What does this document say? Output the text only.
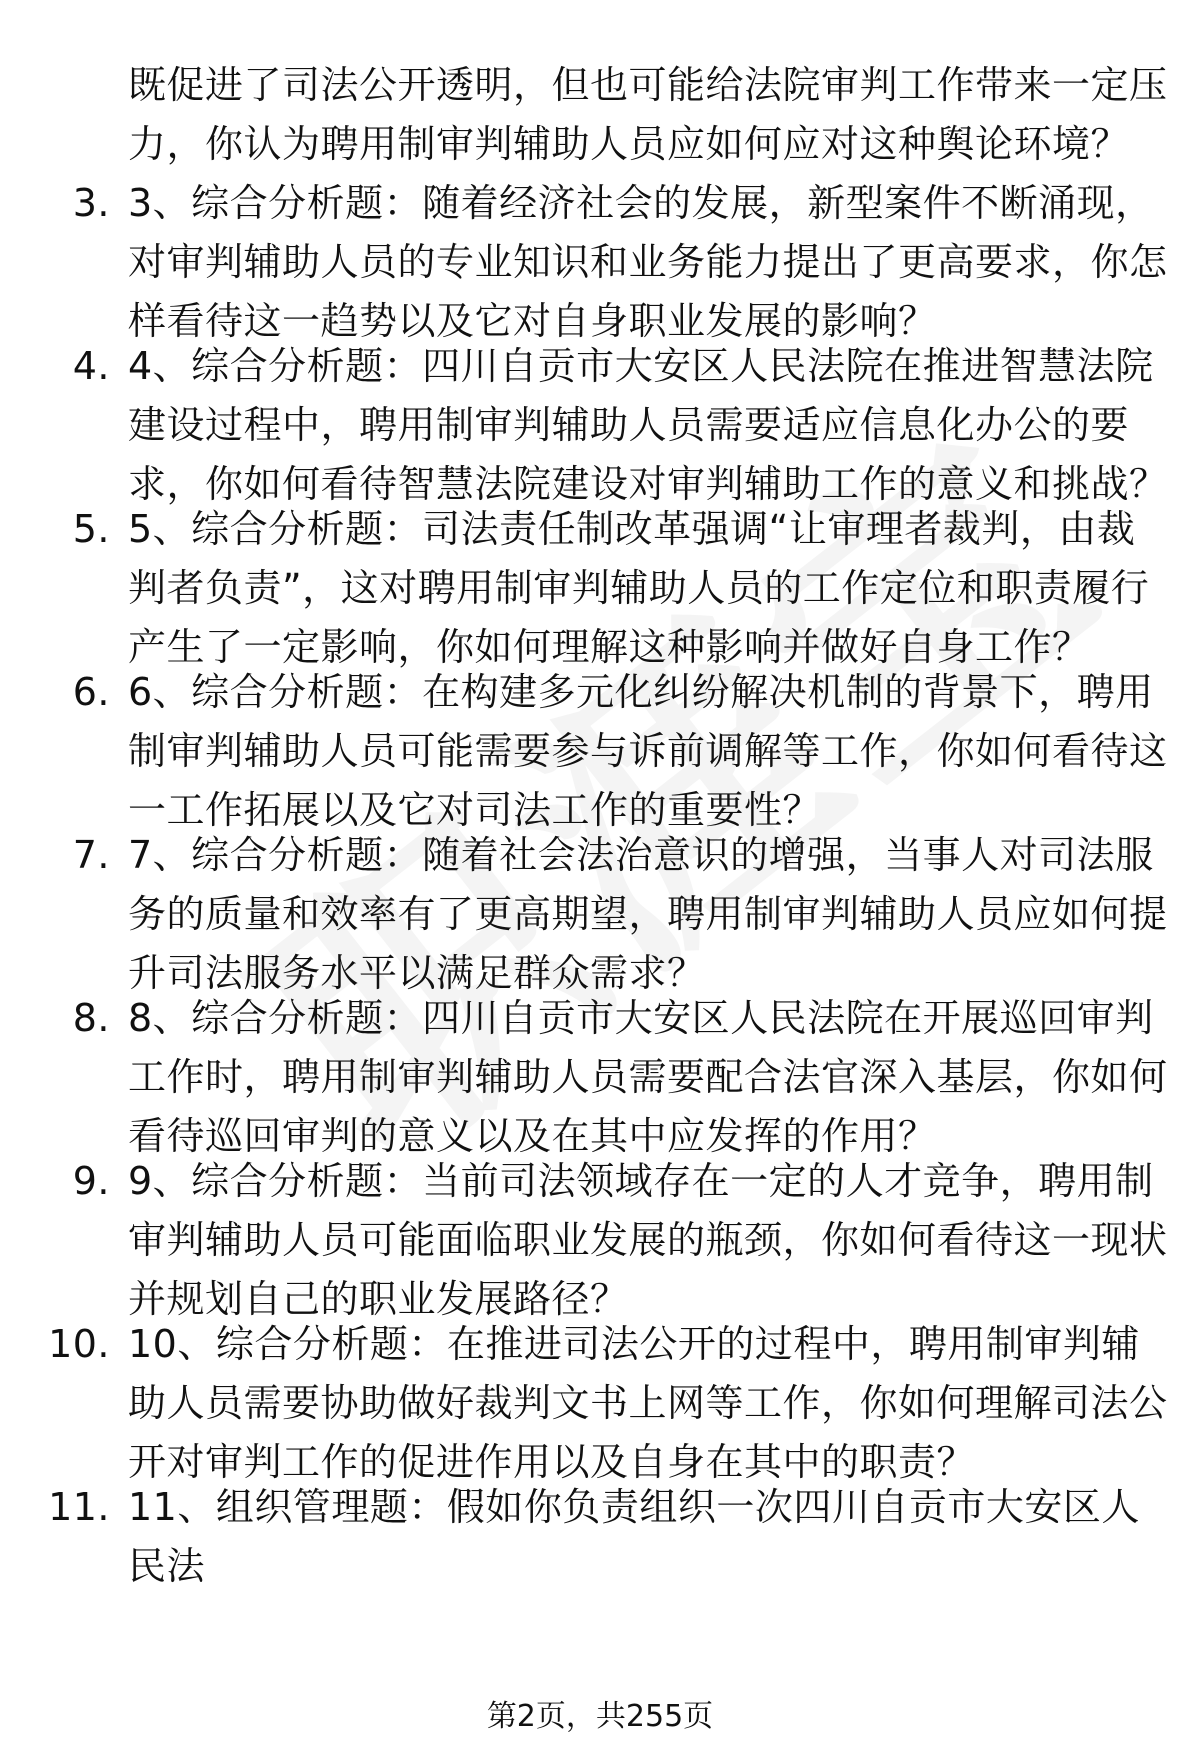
既促进了司法公开透明，但也可能给法院审判工作带来一定压力，你认为聘用制审判辅助人员应如何应对这种舆论环境？
3. 3、综合分析题：随着经济社会的发展，新型案件不断涌现，对审判辅助人员的专业知识和业务能力提出了更高要求，你怎样看待这一趋势以及它对自身职业发展的影响？
4. 4、综合分析题：四川自贡市大安区人民法院在推进智慧法院建设过程中，聘用制审判辅助人员需要适应信息化办公的要求，你如何看待智慧法院建设对审判辅助工作的意义和挑战？
5. 5、综合分析题：司法责任制改革强调“让审理者裁判，由裁判者负责”，这对聘用制审判辅助人员的工作定位和职责履行产生了一定影响，你如何理解这种影响并做好自身工作？
6. 6、综合分析题：在构建多元化纠纷解决机制的背景下，聘用制审判辅助人员可能需要参与诉前调解等工作，你如何看待这一工作拓展以及它对司法工作的重要性？
7. 7、综合分析题：随着社会法治意识的增强，当事人对司法服务的质量和效率有了更高期望，聘用制审判辅助人员应如何提升司法服务水平以满足群众需求？
8. 8、综合分析题：四川自贡市大安区人民法院在开展巡回审判工作时，聘用制审判辅助人员需要配合法官深入基层，你如何看待巡回审判的意义以及在其中应发挥的作用？
9. 9、综合分析题：当前司法领域存在一定的人才竞争，聘用制审判辅助人员可能面临职业发展的瓶颈，你如何看待这一现状并规划自己的职业发展路径？
10. 10、综合分析题：在推进司法公开的过程中，聘用制审判辅助人员需要协助做好裁判文书上网等工作，你如何理解司法公开对审判工作的促进作用以及自身在其中的职责？
11. 11、组织管理题：假如你负责组织一次四川自贡市大安区人民法
第2页，共255页
